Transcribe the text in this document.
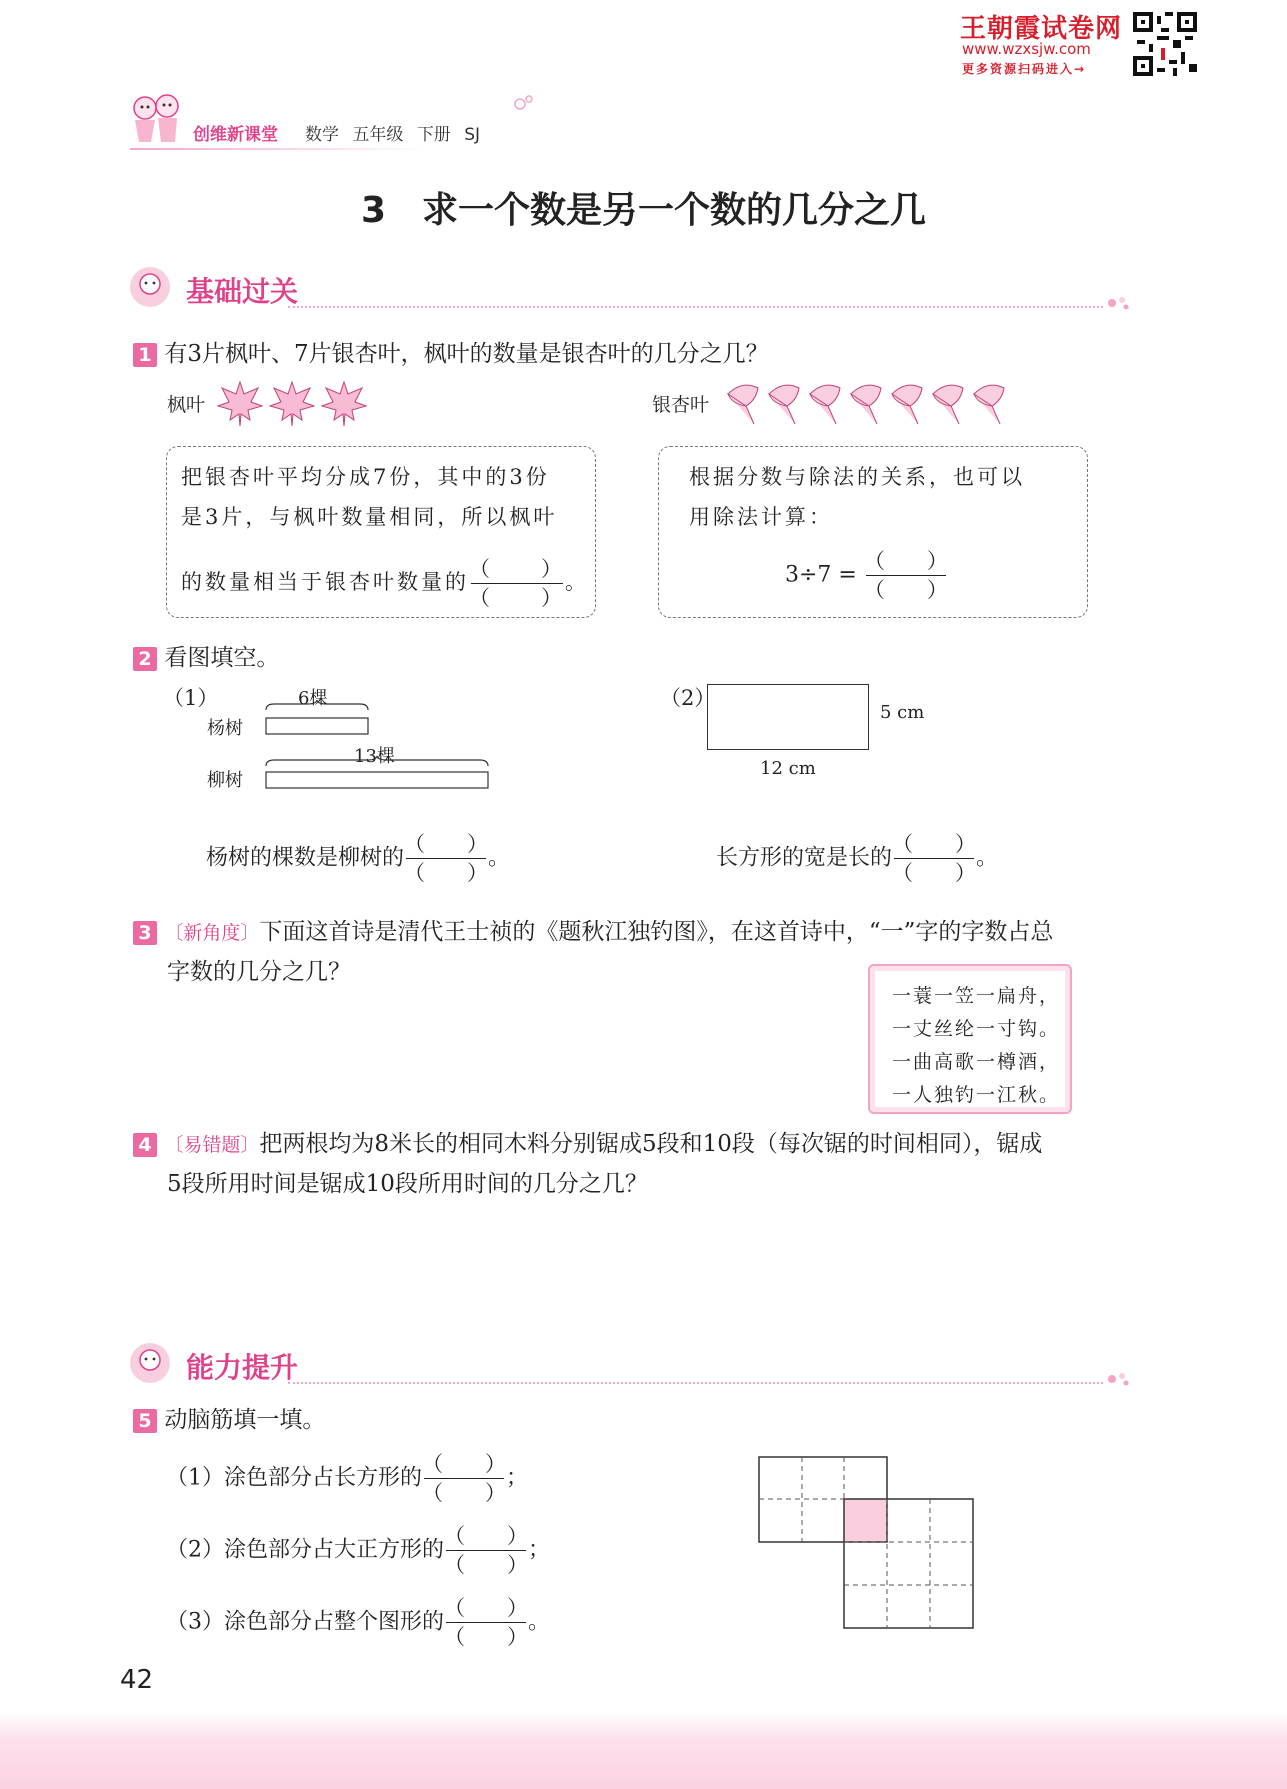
王朝霞试卷网
www.wzxsjw.com
更多资源扫码进入→
创维新课堂 数学 五年级 下册 SJ
3　求一个数是另一个数的几分之几
基础过关
1 有3片枫叶、7片银杏叶，枫叶的数量是银杏叶的几分之几？
枫叶	银杏叶
把银杏叶平均分成7份，其中的3份
是3片，与枫叶数量相同，所以枫叶
的数量相当于银杏叶数量的 $\frac{( )}{( )}$ 。
根据分数与除法的关系，也可以
用除法计算：
$3\div 7 = \frac{( )}{( )}$
2 看图填空。
（1）	6棵
杨树
13棵
柳树
（2）
5 cm
12 cm
杨树的棵数是柳树的 $\frac{( )}{( )}$ 。	长方形的宽是长的 $\frac{( )}{( )}$ 。
3 〔新角度〕下面这首诗是清代王士祯的《题秋江独钓图》，在这首诗中，“一”字的字数占总
字数的几分之几？
一蓑一笠一扁舟，
一丈丝纶一寸钩。
一曲高歌一樽酒，
一人独钓一江秋。
4 〔易错题〕把两根均为8米长的相同木料分别锯成5段和10段（每次锯的时间相同），锯成
5段所用时间是锯成10段所用时间的几分之几？
能力提升
5 动脑筋填一填。
（1）涂色部分占长方形的 $\frac{( )}{( )}$ ；
（2）涂色部分占大正方形的 $\frac{( )}{( )}$ ；
（3）涂色部分占整个图形的 $\frac{( )}{( )}$ 。
42
